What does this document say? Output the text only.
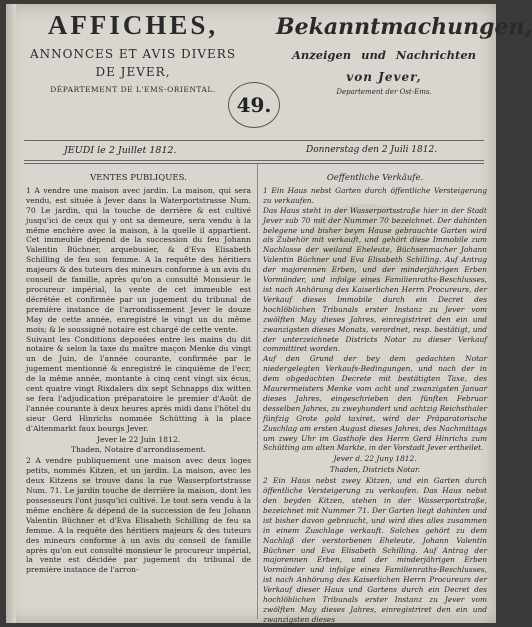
AFFICHES,
ANNONCES ET AVIS DIVERS
DE JEVER,
DÉPARTEMENT DE L'EMS-ORIENTAL.
49.
Bekanntmachungen,
Anzeigen und Nachrichten
von Jever,
Departement der Ost-Ems.
JEUDI le 2 Juillet 1812.	Donnerstag den 2 Juili 1812.

VENTES PUBLIQUES.

1 A vendre une maison avec jardin. La maison, qui sera vendu, est située à Jever dans la Waterportstrasse Num. 70 Le jardin, qui la touche de derrière & est cultivé jusqu'ici de ceux qui y ont sa demeure, sera vendu à la même enchère avec la maison, à la quelle il appartient. Cet immeuble dépend de la succession du feu Johann Valentin Büchner, arquebusier, & d'Eva Elisabeth Schilling de feu son femme. A la requête des héritiers majeurs & des tuteurs des mineurs conforme à un avis du conseil de famille, après qu'on a consulté Monsieur le procureur impérial, la vente de cet immeuble est décrétée et confirmée par un jugement du tribunal de première instance de l'arrondissement Jever le douze May de cette année, enregistré le vingt un du même mois; & le soussigné notaire est chargé de cette vente.

Suivant les Conditions deposées entre les mains du dit notaire & selon la taxe du maître maçon Menke du vingt un de Juin, de l'année courante, confirmée par le jugement mentionné & enregistré le cinquième de l'ecr, de la même année, montante à cinq cent vingt six écus, cent quatre vingt Rixdalers dix sept Schnapps dix witten se fera l'adjudication préparatoire le premier d'Août de l'année courante à deux heures après midi dans l'hôtel du sieur Gerd Hinrichs nommée Schütting à la place d'Altenmarkt faux bourgs Jever.

Jever le 22 Juin 1812.

Thaden, Notaire d'arrondissement.

2 A vendre publiquement une maison avec deux loges petits, nommés Kitzen, et un jardin. La maison, avec les deux Kitzens se trouve dans la rue Wasserpfortstrasse Num. 71. Le jardin touche de derrière la maison, dont les possesseurs l'ont jusqu'ici cultivé. Le tout sera vendu à la même enchère & dépend de la succession de feu Johann Valentin Büchner et d'Eva Elisabeth Schilling de feu sa femme. A la requête des héritiers majeurs & des tuteurs des mineurs conforme à un avis du conseil de famille après qu'on eut consulté monsieur le procureur impérial, la vente est décidée par jugement du tribunal de première instance de l'arron-

Oeffentliche Verkäufe.

1 Ein Haus nebst Garten durch öffentliche Versteigerung zu verkaufen.

Das Haus steht in der Wasserportsstraße hier in der Stadt Jever sub 70 mit der Nummer 70 bezeichnet. Der dahinten belegene und bisher beym Hause gebrauchte Garten wird als Zubehör mit verkauft, und gehört diese Immobile zum Nachlasse der weiland Eheleute, Büchsenmacher Johann Valentin Büchner und Eva Elisabeth Schilling. Auf Antrag der majorennen Erben, und der minderjährigen Erben Vormünder, und infolge eines Familienraths-Beschlusses, ist nach Anhörung des Kaiserlichen Herrn Procureurs, der Verkauf dieses Immobile durch ein Decret des hochlöblichen Tribunals erster Instanz zu Jever vom zwölften May dieses Jahres, einregistriret den ein und zwanzigsten dieses Monats, verordnet, resp. bestätigt, und der unterzeichnete Districts Notar zu dieser Verkauf committiret worden.

Auf den Grund der bey dem gedachten Notar niedergelegten Verkaufs-Bedingungen, und nach der in dem obgedachten Decrete mit bestätigten Taxe, des Maurermeisters Menke vom acht und zwanzigsten Januar dieses Jahres, eingeschrieben den fünften Februar desselben Jahres, zu zweyhundert und achtzig Reichsthaler fünfzig Grote gold taxiret, wird der Präparatorische Zuschlag am ersten August dieses Jahres, des Nachmittags um zwey Uhr im Gasthofe des Herrn Gerd Hinrichs zum Schütting am alten Markte, in der Vorstadt Jever ertheilet.

Jever d. 22 Juny 1812.

Thaden, Districts Notar.

2 Ein Haus nebst zwey Kitzen, und ein Garten durch öffentliche Versteigerung zu verkaufen. Das Haus nebst den beyden Kitzen, stehen in der Wasserportstraße, bezeichnet mit Nummer 71. Der Garten liegt dahinten und ist bisher davon gebraucht, und wird dies alles zusammen in einem Zuschlage verkauft. Solches gehört zu dem Nachlaß der verstorbenen Eheleute, Johann Valentin Büchner und Eva Elisabeth Schilling. Auf Antrag der majorennen Erben, und der minderjährigen Erben Vormünder und infolge eines Familienraths-Beschlusses, ist nach Anhörung des Kaiserlichen Herrn Procureurs der Verkauf dieser Haus und Gartens durch ein Decret des hochlöblichen Tribunals erster Instanz zu Jever vom zwölften May dieses Jahres, einregistriret den ein und zwanzigsten dieses
